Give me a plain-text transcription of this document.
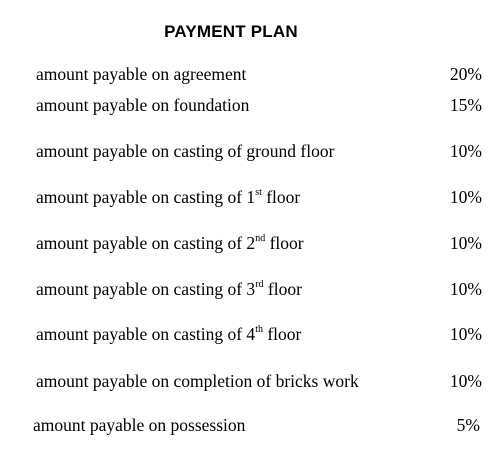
PAYMENT PLAN
amount payable on agreement	20%
amount payable on foundation	15%
amount payable on casting of ground floor	10%
amount payable on casting of 1st floor	10%
amount payable on casting of 2nd floor	10%
amount payable on casting of 3rd floor	10%
amount payable on casting of 4th floor	10%
amount payable on completion of bricks work	10%
amount payable on possession	5%
